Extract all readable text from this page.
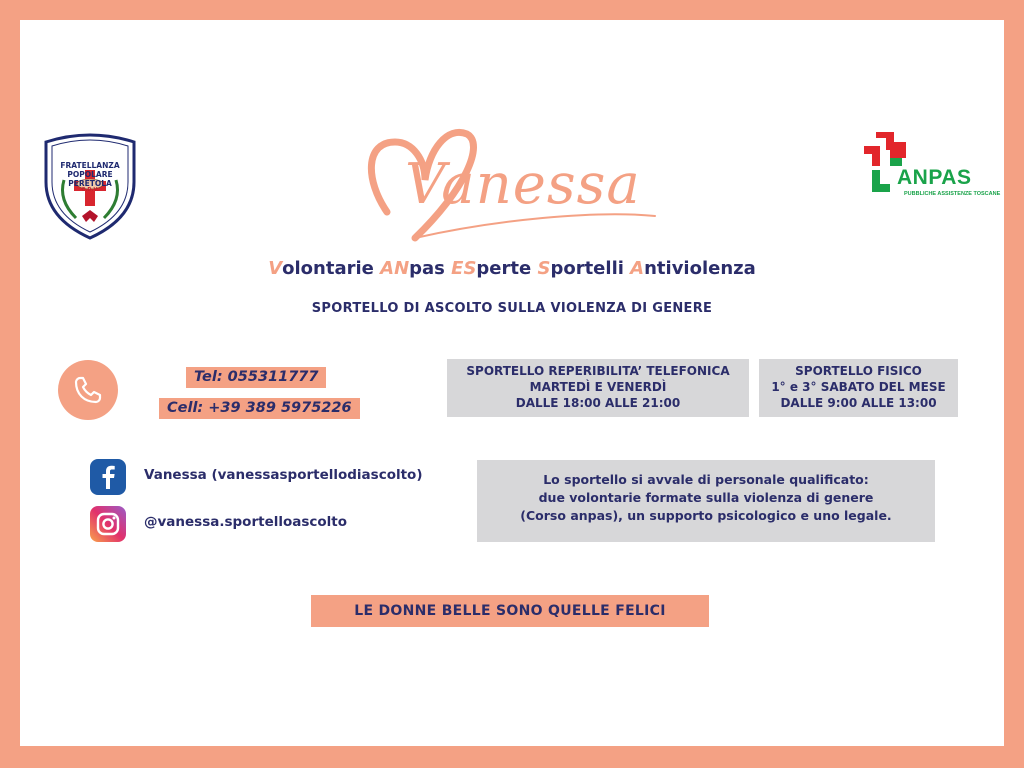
FRATELLANZA POPOLARE
PERETOLA
O.D.V.
ANPAS
PUBBLICHE ASSISTENZE TOSCANE
Vanessa
Volontarie ANpas ESperte Sportelli Antiviolenza
SPORTELLO DI ASCOLTO SULLA VIOLENZA DI GENERE
Tel: 055311777
Cell: +39 389 5975226
SPORTELLO REPERIBILITA’ TELEFONICA
MARTEDÌ E VENERDÌ
DALLE 18:00 ALLE 21:00
SPORTELLO FISICO
1° e 3° SABATO DEL MESE
DALLE 9:00 ALLE 13:00
Vanessa (vanessasportellodiascolto)
@vanessa.sportelloascolto
Lo sportello si avvale di personale qualificato:
due volontarie formate sulla violenza di genere
(Corso anpas), un supporto psicologico e uno legale.
LE DONNE BELLE SONO QUELLE FELICI
